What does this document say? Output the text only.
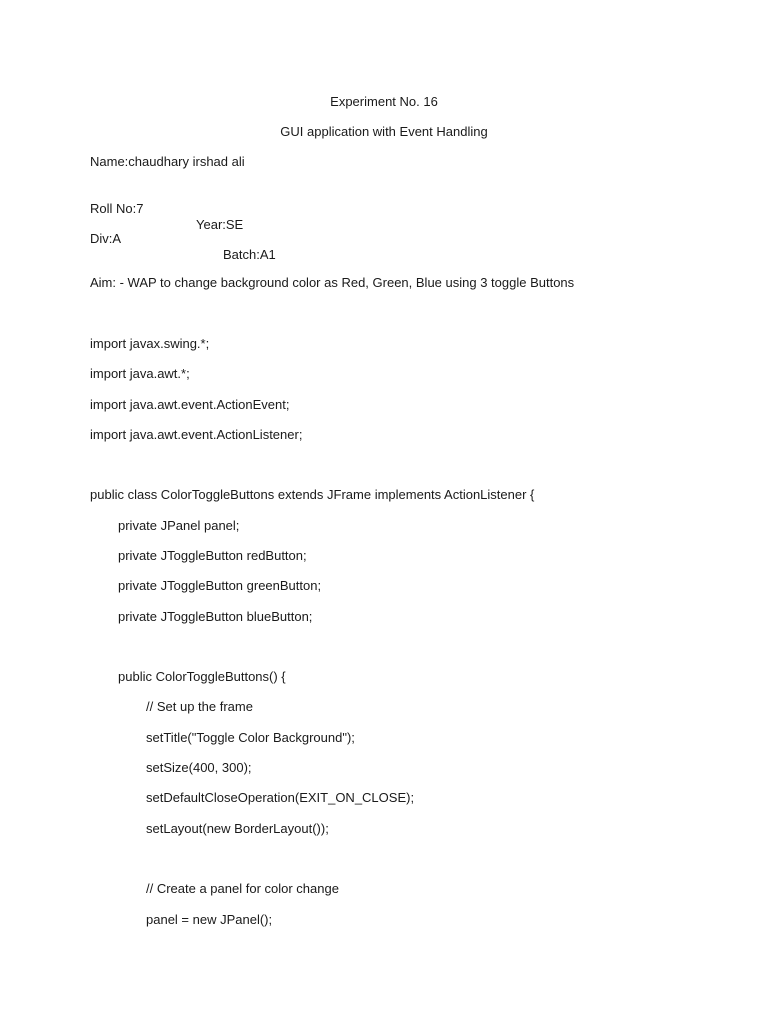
Experiment No. 16
GUI application with Event Handling
Name:chaudhary irshad ali

Roll No:7

Year:SE

Div:A

Batch:A1

Aim: - WAP to change background color as Red, Green, Blue using 3 toggle Buttons
import javax.swing.*;
import java.awt.*;
import java.awt.event.ActionEvent;
import java.awt.event.ActionListener;
public class ColorToggleButtons extends JFrame implements ActionListener {
private JPanel panel;
private JToggleButton redButton;
private JToggleButton greenButton;
private JToggleButton blueButton;
public ColorToggleButtons() {
// Set up the frame
setTitle("Toggle Color Background");
setSize(400, 300);
setDefaultCloseOperation(EXIT_ON_CLOSE);
setLayout(new BorderLayout());
// Create a panel for color change
panel = new JPanel();
